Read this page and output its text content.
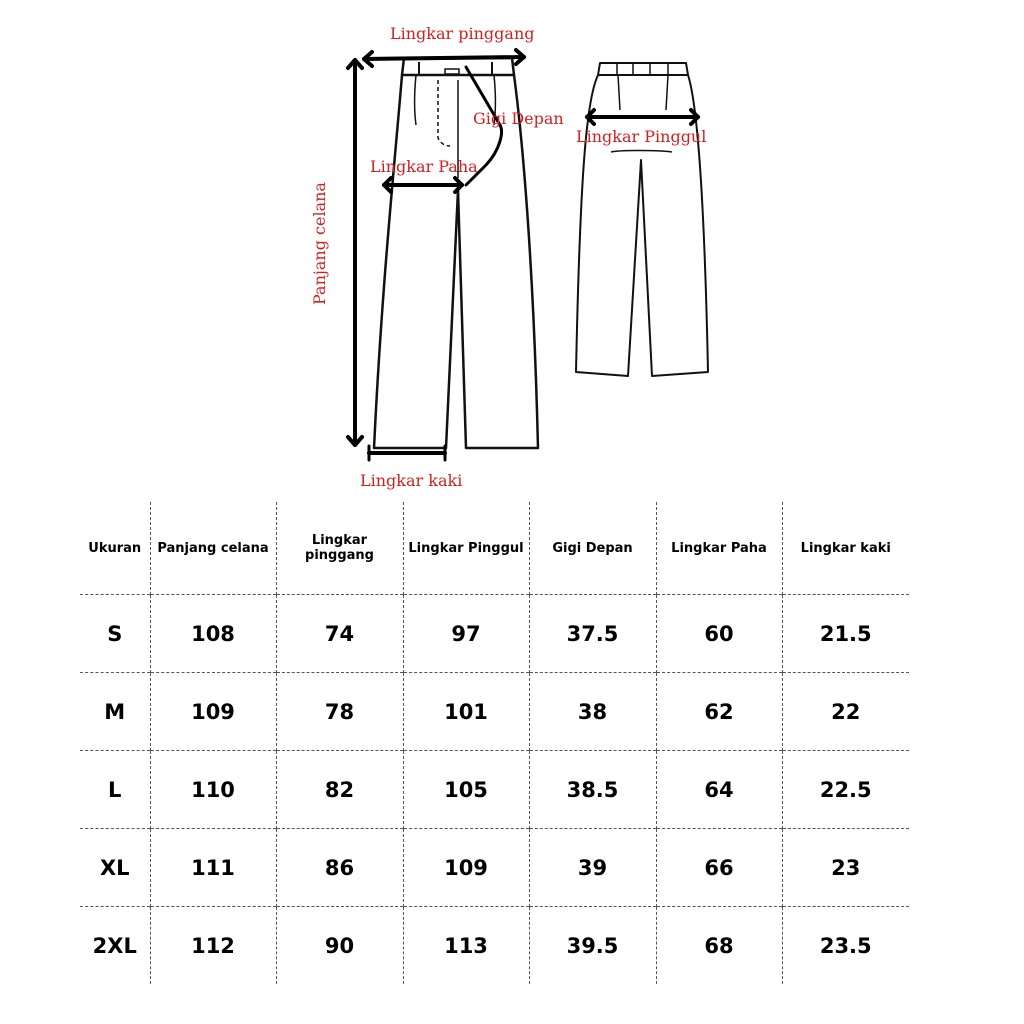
Lingkar pinggang
Gigi Depan
Lingkar Paha
Lingkar Pinggul
Panjang celana
Lingkar kaki
Ukuran	Panjang celana	Lingkar pinggang	Lingkar Pinggul	Gigi Depan	Lingkar Paha	Lingkar kaki
S	108	74	97	37.5	60	21.5
M	109	78	101	38	62	22
L	110	82	105	38.5	64	22.5
XL	111	86	109	39	66	23
2XL	112	90	113	39.5	68	23.5
